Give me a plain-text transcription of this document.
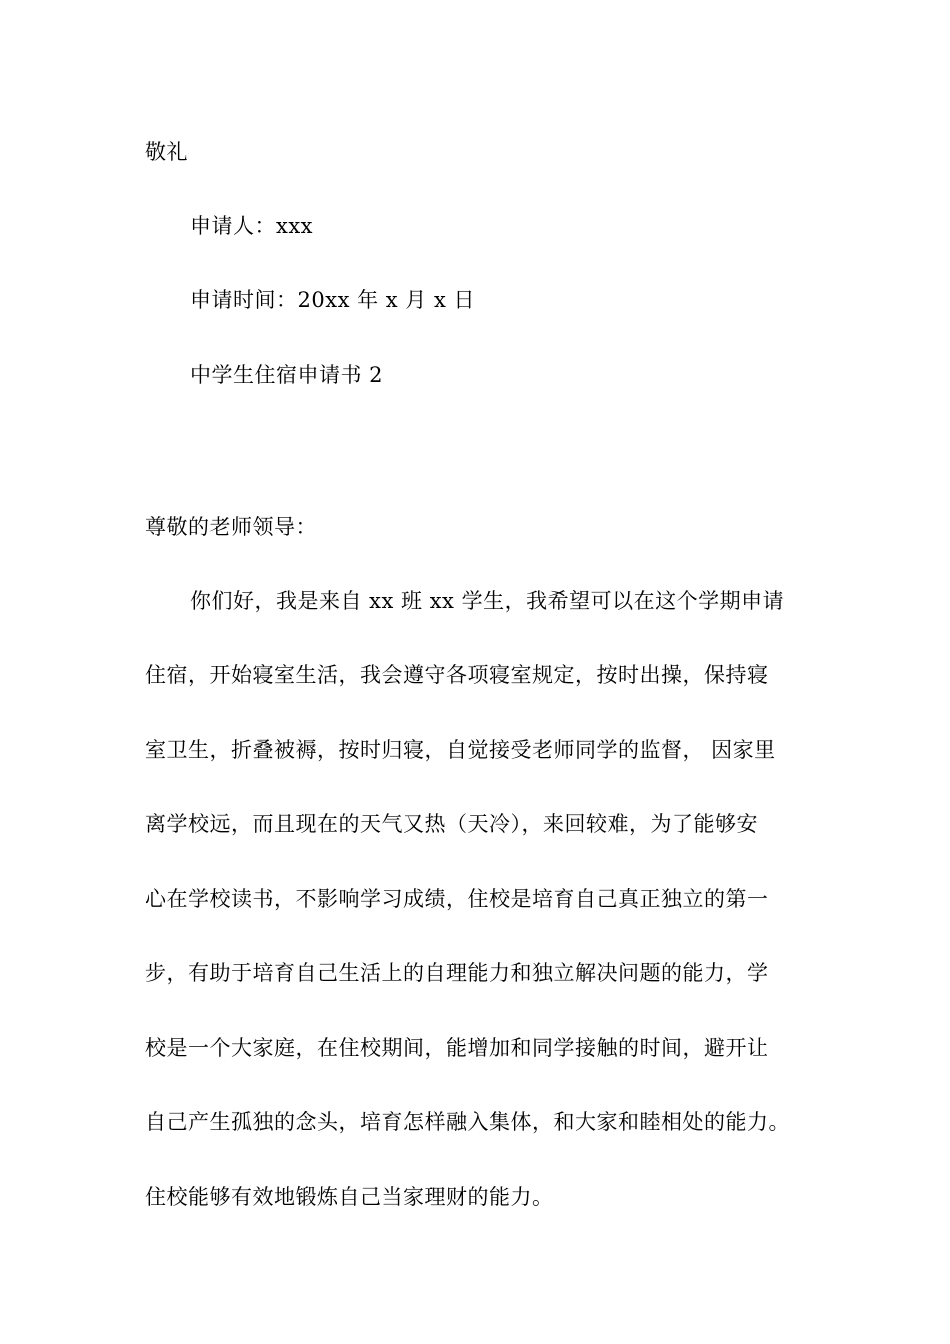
敬礼
申请人：xxx
申请时间：20xx 年 x 月 x 日
中学生住宿申请书 2
尊敬的老师领导：
你们好，我是来自 xx 班 xx 学生，我希望可以在这个学期申请
住宿，开始寝室生活，我会遵守各项寝室规定，按时出操，保持寝
室卫生，折叠被褥，按时归寝，自觉接受老师同学的监督， 因家里
离学校远，而且现在的天气又热（天冷），来回较难，为了能够安
心在学校读书，不影响学习成绩，住校是培育自己真正独立的第一
步，有助于培育自己生活上的自理能力和独立解决问题的能力，学
校是一个大家庭，在住校期间，能增加和同学接触的时间，避开让
自己产生孤独的念头，培育怎样融入集体，和大家和睦相处的能力。
住校能够有效地锻炼自己当家理财的能力。
